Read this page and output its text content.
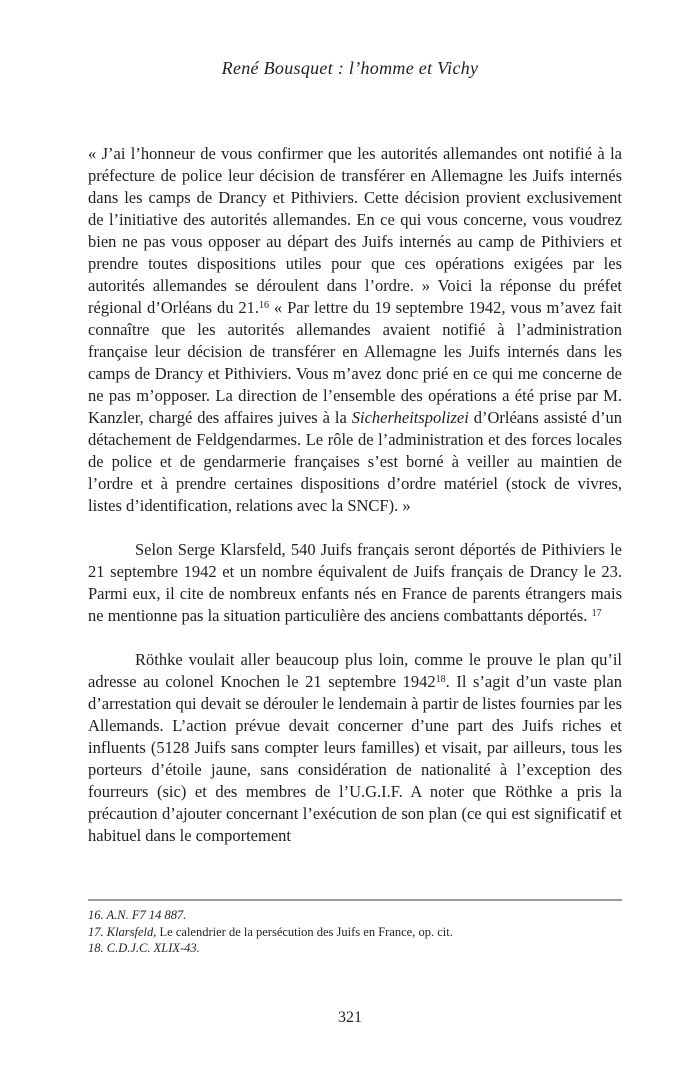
René Bousquet : l’homme et Vichy

« J’ai l’honneur de vous confirmer que les autorités allemandes ont notifié à la préfecture de police leur décision de transférer en Allemagne les Juifs internés dans les camps de Drancy et Pithiviers. Cette décision provient exclusivement de l’initiative des autorités allemandes. En ce qui vous concerne, vous voudrez bien ne pas vous opposer au départ des Juifs internés au camp de Pithiviers et prendre toutes dispositions utiles pour que ces opérations exigées par les autorités allemandes se déroulent dans l’ordre. » Voici la réponse du préfet régional d’Orléans du 21.16 « Par lettre du 19 septembre 1942, vous m’avez fait connaître que les autorités allemandes avaient notifié à l’administration française leur décision de transférer en Allemagne les Juifs internés dans les camps de Drancy et Pithiviers. Vous m’avez donc prié en ce qui me concerne de ne pas m’opposer. La direction de l’ensemble des opérations a été prise par M. Kanzler, chargé des affaires juives à la Sicherheitspolizei d’Orléans assisté d’un détachement de Feldgendarmes. Le rôle de l’administration et des forces locales de police et de gendarmerie françaises s’est borné à veiller au maintien de l’ordre et à prendre certaines dispositions d’ordre matériel (stock de vivres, listes d’identification, relations avec la SNCF). »

Selon Serge Klarsfeld, 540 Juifs français seront déportés de Pithiviers le 21 septembre 1942 et un nombre équivalent de Juifs français de Drancy le 23. Parmi eux, il cite de nombreux enfants nés en France de parents étrangers mais ne mentionne pas la situation particulière des anciens combattants déportés. $^{17}$

Röthke voulait aller beaucoup plus loin, comme le prouve le plan qu’il adresse au colonel Knochen le 21 septembre 1942$^{18}$. Il s’agit d’un vaste plan d’arrestation qui devait se dérouler le lendemain à partir de listes fournies par les Allemands. L’action prévue devait concerner d’une part des Juifs riches et influents (5128 Juifs sans compter leurs familles) et visait, par ailleurs, tous les porteurs d’étoile jaune, sans considération de nationalité à l’exception des fourreurs (sic) et des membres de l’U.G.I.F. A noter que Röthke a pris la précaution d’ajouter concernant l’exécution de son plan (ce qui est significatif et habituel dans le comportement

16. A.N. F7 14 887.

17. Klarsfeld, Le calendrier de la persécution des Juifs en France, op. cit.

18. C.D.J.C. XLIX-43.

321
